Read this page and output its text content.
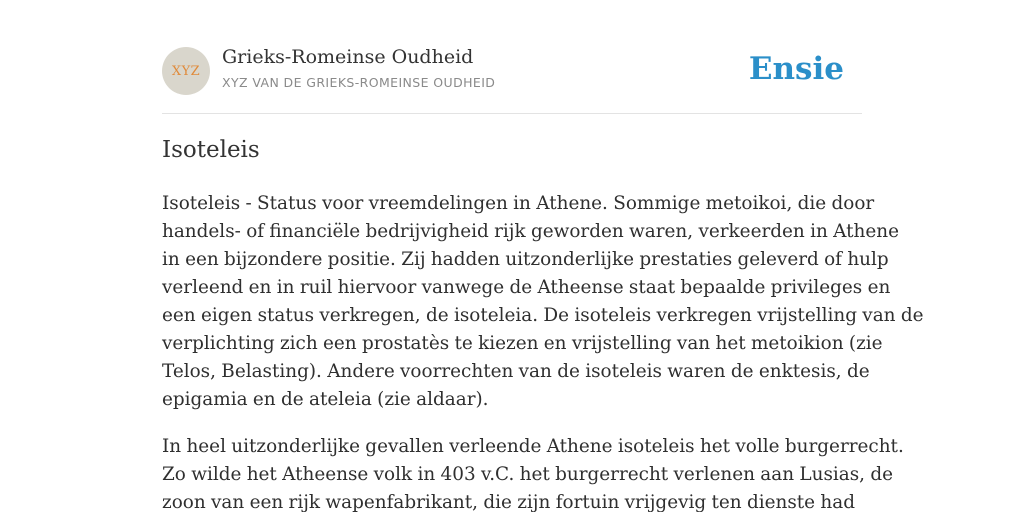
XYZ
Grieks-Romeinse Oudheid
XYZ VAN DE GRIEKS-ROMEINSE OUDHEID	Ensie
Isoteleis

Isoteleis - Status voor vreemdelingen in Athene. Sommige metoikoi, die door
handels- of financiële bedrijvigheid rijk geworden waren, verkeerden in Athene
in een bijzondere positie. Zij hadden uitzonderlijke prestaties geleverd of hulp
verleend en in ruil hiervoor vanwege de Atheense staat bepaalde privileges en
een eigen status verkregen, de isoteleia. De isoteleis verkregen vrijstelling van de
verplichting zich een prostatès te kiezen en vrijstelling van het metoikion (zie
Telos, Belasting). Andere voorrechten van de isoteleis waren de enktesis, de
epigamia en de ateleia (zie aldaar).

In heel uitzonderlijke gevallen verleende Athene isoteleis het volle burgerrecht.
Zo wilde het Atheense volk in 403 v.C. het burgerrecht verlenen aan Lusias, de
zoon van een rijk wapenfabrikant, die zijn fortuin vrijgevig ten dienste had
